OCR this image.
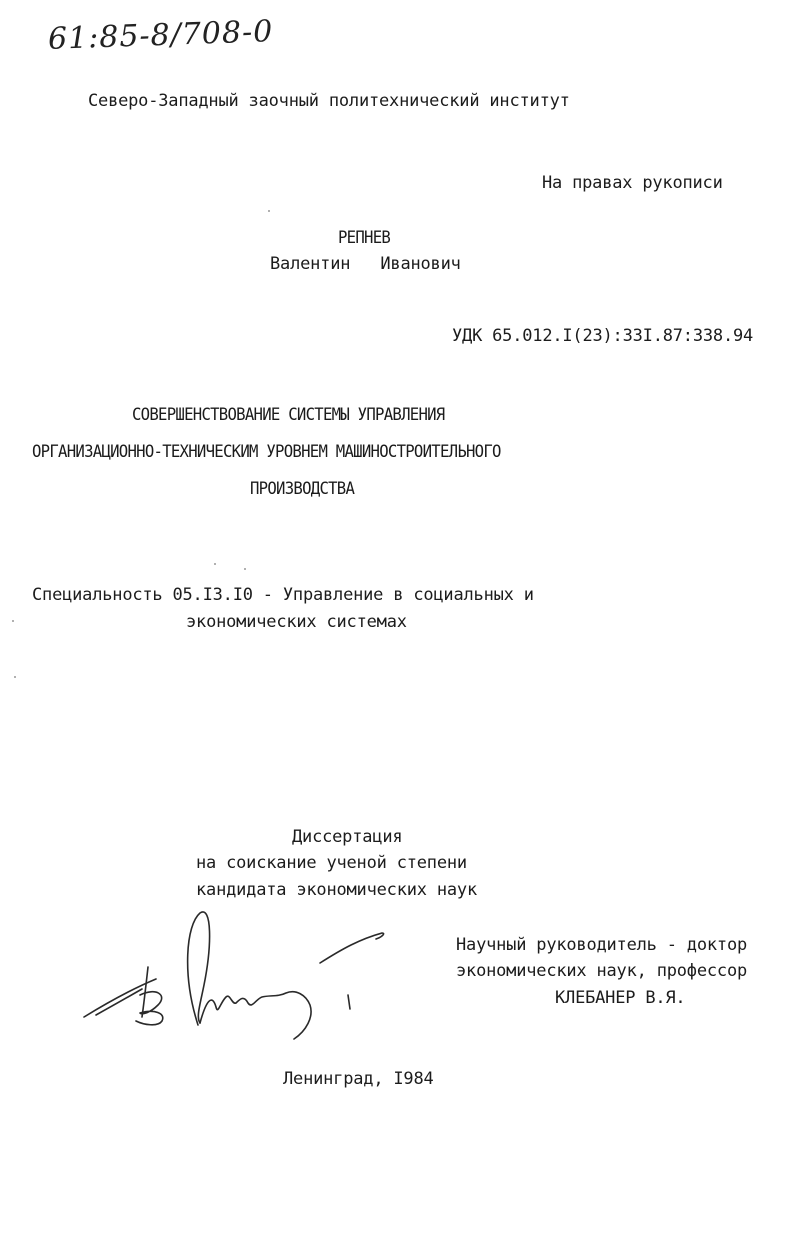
61:85-8/708-0
Северо-Западный заочный политехнический институт
На правах рукописи
РЕПНЕВ
Валентин   Иванович
УДК 65.012.I(23):33I.87:338.94
СОВЕРШЕНСТВОВАНИЕ СИСТЕМЫ УПРАВЛЕНИЯ
ОРГАНИЗАЦИОННО-ТЕХНИЧЕСКИМ УРОВНЕМ МАШИНОСТРОИТЕЛЬНОГО
ПРОИЗВОДСТВА
Специальность 05.I3.I0 - Управление в социальных и
экономических системах
Диссертация
на соискание ученой степени
кандидата экономических наук
Научный руководитель - доктор
экономических наук, профессор
КЛЕБАНЕР В.Я.
Ленинград, I984
